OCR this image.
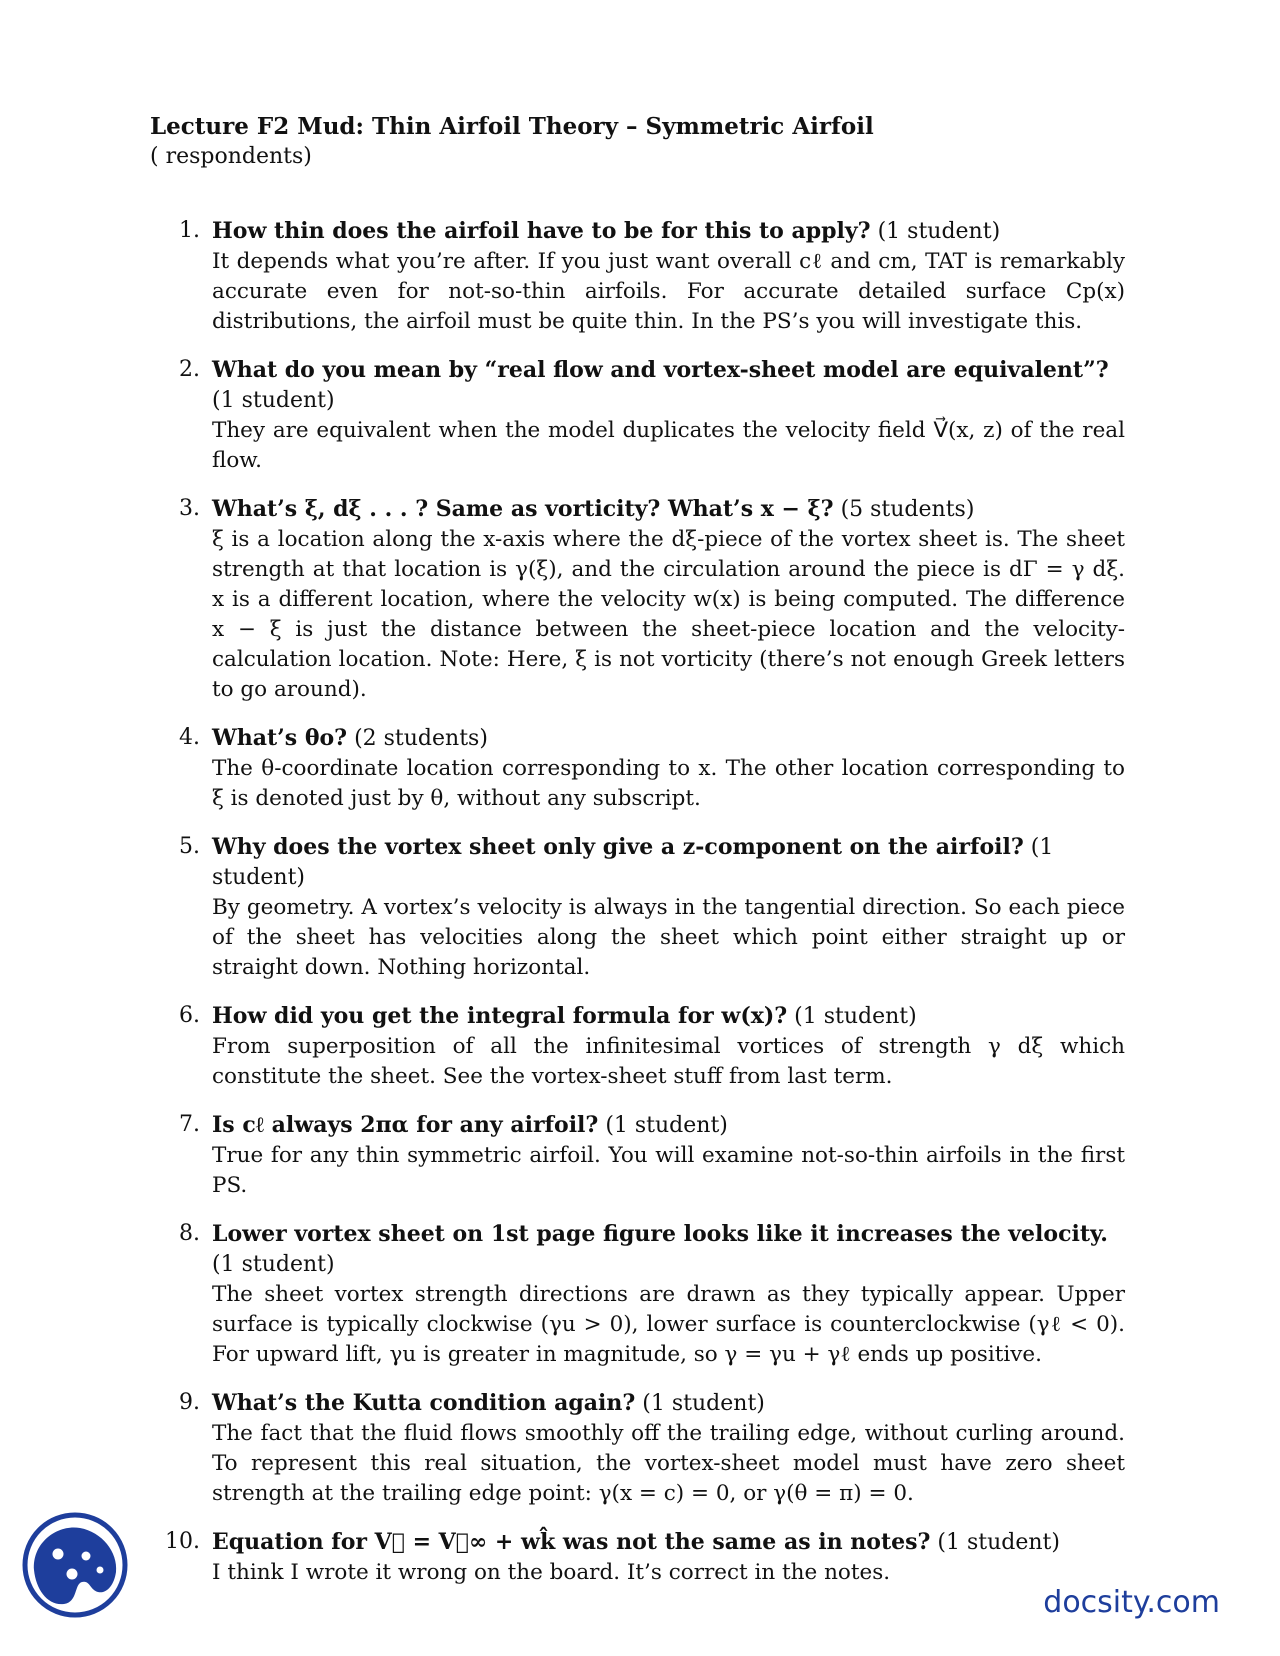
Lecture F2 Mud: Thin Airfoil Theory – Symmetric Airfoil
( respondents)
1. How thin does the airfoil have to be for this to apply? (1 student)
It depends what you’re after. If you just want overall cℓ and cm, TAT is remarkably accurate even for not-so-thin airfoils. For accurate detailed surface Cp(x) distributions, the airfoil must be quite thin. In the PS’s you will investigate this.
2. What do you mean by “real flow and vortex-sheet model are equivalent”? (1 student)
They are equivalent when the model duplicates the velocity field V⃗(x, z) of the real flow.
3. What’s ξ, dξ . . . ? Same as vorticity? What’s x − ξ? (5 students)
ξ is a location along the x-axis where the dξ-piece of the vortex sheet is. The sheet strength at that location is γ(ξ), and the circulation around the piece is dΓ = γ dξ. x is a different location, where the velocity w(x) is being computed. The difference x − ξ is just the distance between the sheet-piece location and the velocity-calculation location. Note: Here, ξ is not vorticity (there’s not enough Greek letters to go around).
4. What’s θo? (2 students)
The θ-coordinate location corresponding to x. The other location corresponding to ξ is denoted just by θ, without any subscript.
5. Why does the vortex sheet only give a z-component on the airfoil? (1 student)
By geometry. A vortex’s velocity is always in the tangential direction. So each piece of the sheet has velocities along the sheet which point either straight up or straight down. Nothing horizontal.
6. How did you get the integral formula for w(x)? (1 student)
From superposition of all the infinitesimal vortices of strength γ dξ which constitute the sheet. See the vortex-sheet stuff from last term.
7. Is cℓ always 2πα for any airfoil? (1 student)
True for any thin symmetric airfoil. You will examine not-so-thin airfoils in the first PS.
8. Lower vortex sheet on 1st page figure looks like it increases the velocity. (1 student)
The sheet vortex strength directions are drawn as they typically appear. Upper surface is typically clockwise (γu > 0), lower surface is counterclockwise (γℓ < 0). For upward lift, γu is greater in magnitude, so γ = γu + γℓ ends up positive.
9. What’s the Kutta condition again? (1 student)
The fact that the fluid flows smoothly off the trailing edge, without curling around. To represent this real situation, the vortex-sheet model must have zero sheet strength at the trailing edge point: γ(x = c) = 0, or γ(θ = π) = 0.
10. Equation for V⃗ = V⃗∞ + wk̂ was not the same as in notes? (1 student)
I think I wrote it wrong on the board. It’s correct in the notes.
docsity.com
